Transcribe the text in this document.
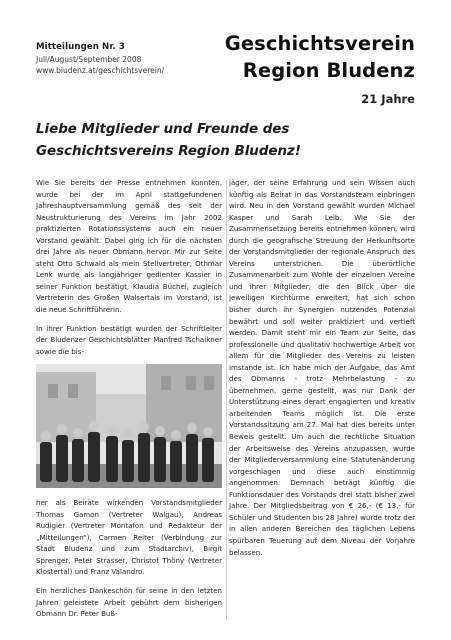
Mitteilungen Nr. 3
Juli/August/September 2008
www.bludenz.at/geschichtsverein/
Geschichtsverein
Region Bludenz
21 Jahre
Liebe Mitglieder und Freunde des
Geschichtsvereins Region Bludenz!

Wie Sie bereits der Presse entnehmen konnten, wurde bei der im April stattgefundenen Jahreshauptversammlung gemäß des seit der Neustrukturierung des Vereins im Jahr 2002 praktizierten Rotationssystems auch ein neuer Vorstand gewählt. Dabei ging ich für die nächsten drei Jahre als neuer Obmann hervor. Mir zur Seite steht Otto Schwald als mein Stellvertreter, Othmar Lenk wurde als langjähriger gedienter Kassier in seiner Funktion bestätigt, Klaudia Büchel, zugleich Vertreterin des Großen Walsertals im Vorstand, ist die neue Schriftführerin.

In ihrer Funktion bestätigt wurden der Schriftleiter der Bludenzer Geschichtsblätter Manfred Tschaikner sowie die bis-

her als Beiräte wirkenden Vorstandsmitglieder Thomas Gamon (Vertreter Walgau), Andreas Rudigier (Vertreter Montafon und Redakteur der „Mitteilungen“), Carmen Reiter (Verbindung zur Stadt Bludenz und zum Stadtarchiv), Birgit Sprenger, Peter Strasser, Christof Thöny (Vertreter Klostertal) und Franz Valandro.

Ein herzliches Dankeschön für seine in den letzten Jahren geleistete Arbeit gebührt dem bisherigen Obmann Dr. Peter Buß-

jäger, der seine Erfahrung und sein Wissen auch künftig als Beirat in das Vorstandsteam einbringen wird. Neu in den Vorstand gewählt wurden Michael Kasper und Sarah Leib. Wie Sie der Zusammensetzung bereits entnehmen können, wird durch die geografische Streuung der Herkunftsorte der Vorstandsmitglieder der regionale Anspruch des Vereins unterstrichen. Die überörtliche Zusammenarbeit zum Wohle der einzelnen Vereine und ihrer Mitglieder, die den Blick über die jeweiligen Kirchtürme erweitert, hat sich schon bisher durch ihr Synergien nutzendes Potenzial bewährt und soll weiter praktiziert und vertieft werden. Damit steht mir ein Team zur Seite, das professionelle und qualitativ hochwertige Arbeit vor allem für die Mitglieder des Vereins zu leisten imstande ist. Ich habe mich der Aufgabe, das Amt des Obmanns - trotz Mehrbelastung - zu übernehmen, gerne gestellt, was nur Dank der Unterstützung eines derart engagierten und kreativ arbeitenden Teams möglich ist. Die erste Vorstandssitzung am 27. Mai hat dies bereits unter Beweis gestellt. Um auch die rechtliche Situation der Arbeitsweise des Vereins anzupassen, wurde der Mitgliederversammlung eine Statutenänderung vorgeschlagen und diese auch einstimmig angenommen: Demnach beträgt künftig die Funktionsdauer des Vorstands drei statt bisher zwei Jahre. Der Mitgliedsbeitrag von € 26,- (€ 13,- für Schüler und Studenten bis 28 Jahre) wurde trotz der in allen anderen Bereichen des täglichen Lebens spürbaren Teuerung auf dem Niveau der Vorjahre belassen.
